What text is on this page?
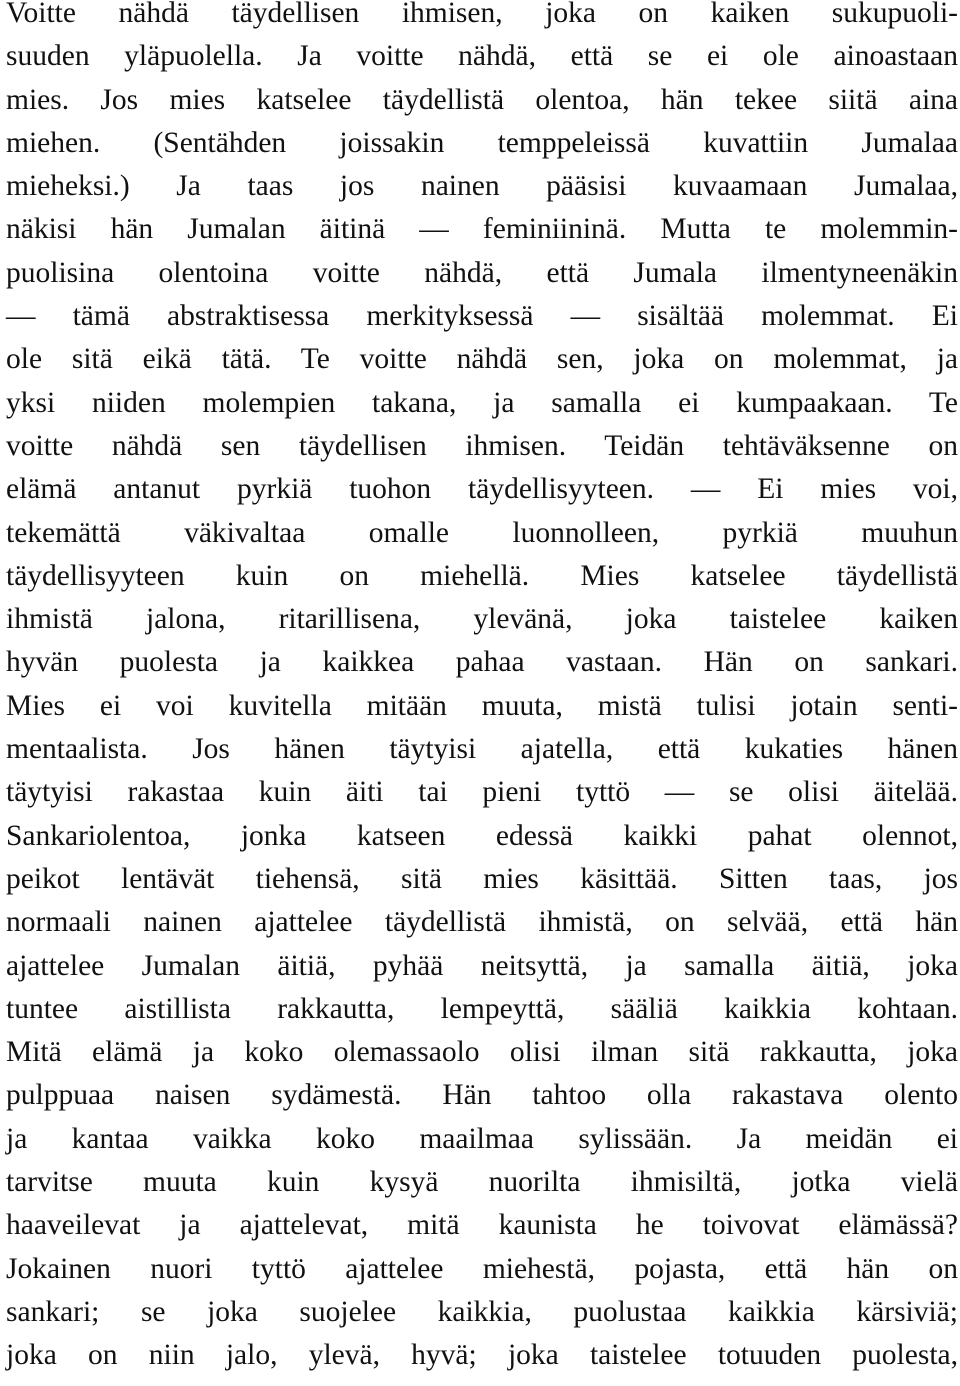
Voitte nähdä täydellisen ihmisen, joka on kaiken sukupuoli-
suuden yläpuolella. Ja voitte nähdä, että se ei ole ainoastaan
mies. Jos mies katselee täydellistä olentoa, hän tekee siitä aina
miehen. (Sentähden joissakin temppeleissä kuvattiin Jumalaa
mieheksi.) Ja taas jos nainen pääsisi kuvaamaan Jumalaa,
näkisi hän Jumalan äitinä — feminiininä. Mutta te molemmin-
puolisina olentoina voitte nähdä, että Jumala ilmentyneenäkin
— tämä abstraktisessa merkityksessä — sisältää molemmat. Ei
ole sitä eikä tätä. Te voitte nähdä sen, joka on molemmat, ja
yksi niiden molempien takana, ja samalla ei kumpaakaan. Te
voitte nähdä sen täydellisen ihmisen. Teidän tehtäväksenne on
elämä antanut pyrkiä tuohon täydellisyyteen. — Ei mies voi,
tekemättä väkivaltaa omalle luonnolleen, pyrkiä muuhun
täydellisyyteen kuin on miehellä. Mies katselee täydellistä
ihmistä jalona, ritarillisena, ylevänä, joka taistelee kaiken
hyvän puolesta ja kaikkea pahaa vastaan. Hän on sankari.
Mies ei voi kuvitella mitään muuta, mistä tulisi jotain senti-
mentaalista. Jos hänen täytyisi ajatella, että kukaties hänen
täytyisi rakastaa kuin äiti tai pieni tyttö — se olisi äitelää.
Sankariolentoa, jonka katseen edessä kaikki pahat olennot,
peikot lentävät tiehensä, sitä mies käsittää. Sitten taas, jos
normaali nainen ajattelee täydellistä ihmistä, on selvää, että hän
ajattelee Jumalan äitiä, pyhää neitsyttä, ja samalla äitiä, joka
tuntee aistillista rakkautta, lempeyttä, sääliä kaikkia kohtaan.
Mitä elämä ja koko olemassaolo olisi ilman sitä rakkautta, joka
pulppuaa naisen sydämestä. Hän tahtoo olla rakastava olento
ja kantaa vaikka koko maailmaa sylissään. Ja meidän ei
tarvitse muuta kuin kysyä nuorilta ihmisiltä, jotka vielä
haaveilevat ja ajattelevat, mitä kaunista he toivovat elämässä?
Jokainen nuori tyttö ajattelee miehestä, pojasta, että hän on
sankari; se joka suojelee kaikkia, puolustaa kaikkia kärsiviä;
joka on niin jalo, ylevä, hyvä; joka taistelee totuuden puolesta,
